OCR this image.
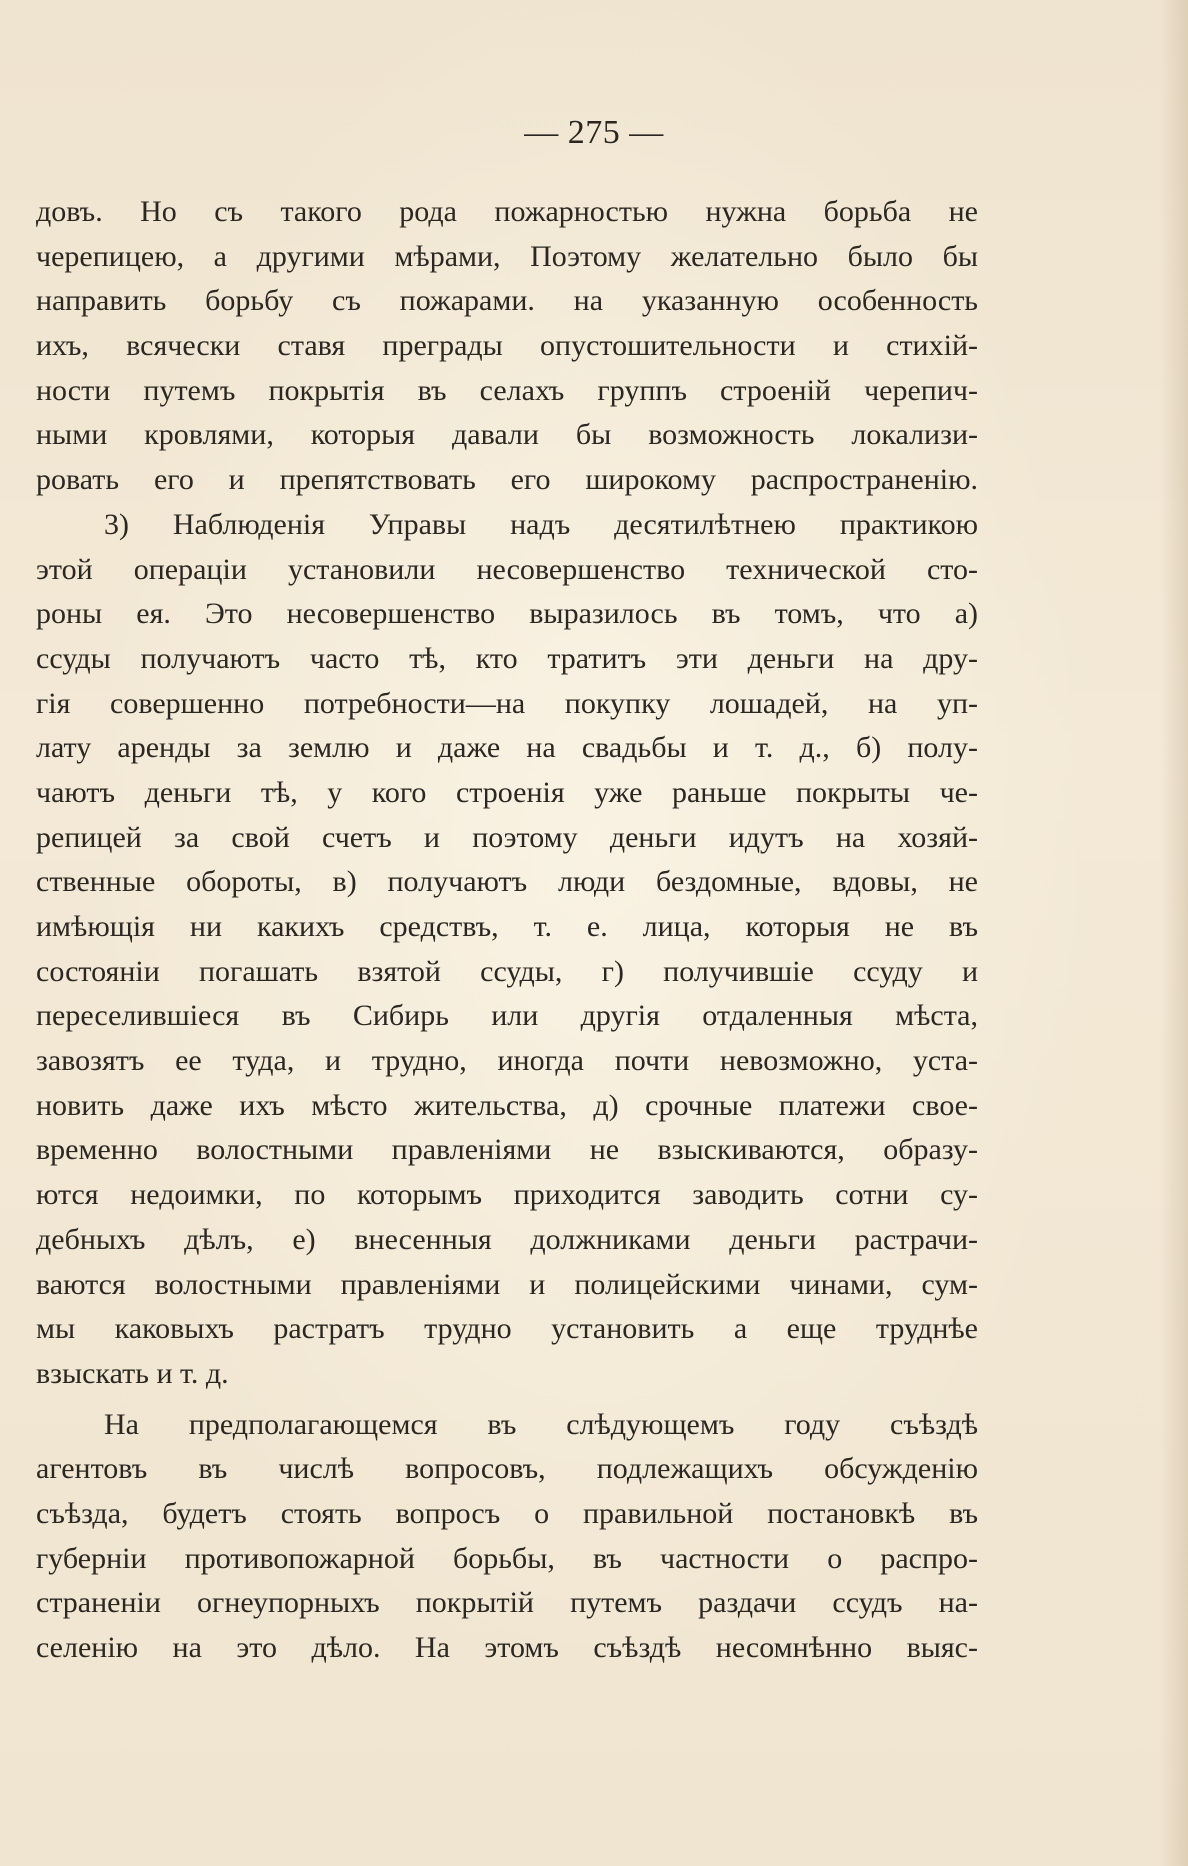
— 275 —
довъ. Но съ такого рода пожарностью нужна борьба не
черепицею, а другими мѣрами, Поэтому желательно было бы
направить борьбу съ пожарами. на указанную особенность
ихъ, всячески ставя преграды опустошительности и стихій-
ности путемъ покрытія въ селахъ группъ строеній черепич-
ными кровлями, которыя давали бы возможность локализи-
ровать его и препятствовать его широкому распространенію.
3) Наблюденія Управы надъ десятилѣтнею практикою
этой операціи установили несовершенство технической сто-
роны ея. Это несовершенство выразилось въ томъ, что а)
ссуды получаютъ часто тѣ, кто тратитъ эти деньги на дру-
гія совершенно потребности—на покупку лошадей, на уп-
лату аренды за землю и даже на свадьбы и т. д., б) полу-
чаютъ деньги тѣ, у кого строенія уже раньше покрыты че-
репицей за свой счетъ и поэтому деньги идутъ на хозяй-
ственные обороты, в) получаютъ люди бездомные, вдовы, не
имѣющія ни какихъ средствъ, т. е. лица, которыя не въ
состояніи погашать взятой ссуды, г) получившіе ссуду и
переселившіеся въ Сибирь или другія отдаленныя мѣста,
завозятъ ее туда, и трудно, иногда почти невозможно, уста-
новить даже ихъ мѣсто жительства, д) срочные платежи свое-
временно волостными правленіями не взыскиваются, образу-
ются недоимки, по которымъ приходится заводить сотни су-
дебныхъ дѣлъ, е) внесенныя должниками деньги растрачи-
ваются волостными правленіями и полицейскими чинами, сум-
мы каковыхъ растратъ трудно установить а еще труднѣе
взыскать и т. д.
На предполагающемся въ слѣдующемъ году съѣздѣ
агентовъ въ числѣ вопросовъ, подлежащихъ обсужденію
съѣзда, будетъ стоять вопросъ о правильной постановкѣ въ
губерніи противопожарной борьбы, въ частности о распро-
страненіи огнеупорныхъ покрытій путемъ раздачи ссудъ на-
селенію на это дѣло. На этомъ съѣздѣ несомнѣнно выяс-
